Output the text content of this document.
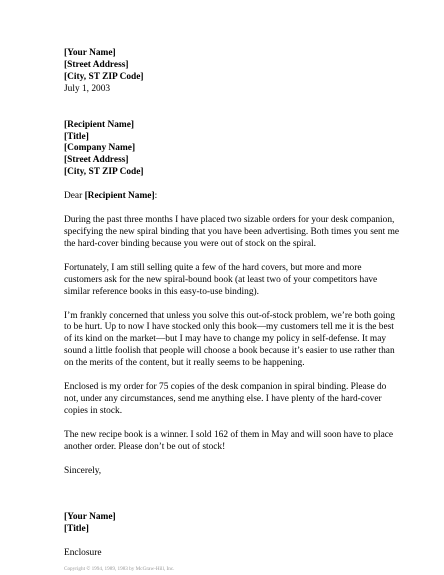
[Your Name]
[Street Address]
[City, ST ZIP Code]
July 1, 2003
[Recipient Name]
[Title]
[Company Name]
[Street Address]
[City, ST ZIP Code]
Dear [Recipient Name]:
During the past three months I have placed two sizable orders for your desk companion,
specifying the new spiral binding that you have been advertising. Both times you sent me
the hard-cover binding because you were out of stock on the spiral.
Fortunately, I am still selling quite a few of the hard covers, but more and more
customers ask for the new spiral-bound book (at least two of your competitors have
similar reference books in this easy-to-use binding).
I’m frankly concerned that unless you solve this out-of-stock problem, we’re both going
to be hurt. Up to now I have stocked only this book—my customers tell me it is the best
of its kind on the market—but I may have to change my policy in self-defense. It may
sound a little foolish that people will choose a book because it’s easier to use rather than
on the merits of the content, but it really seems to be happening.
Enclosed is my order for 75 copies of the desk companion in spiral binding. Please do
not, under any circumstances, send me anything else. I have plenty of the hard-cover
copies in stock.
The new recipe book is a winner. I sold 162 of them in May and will soon have to place
another order. Please don’t be out of stock!
Sincerely,
[Your Name]
[Title]
Enclosure
Copyright © 1994, 1989, 1983 by McGraw-Hill, Inc.
